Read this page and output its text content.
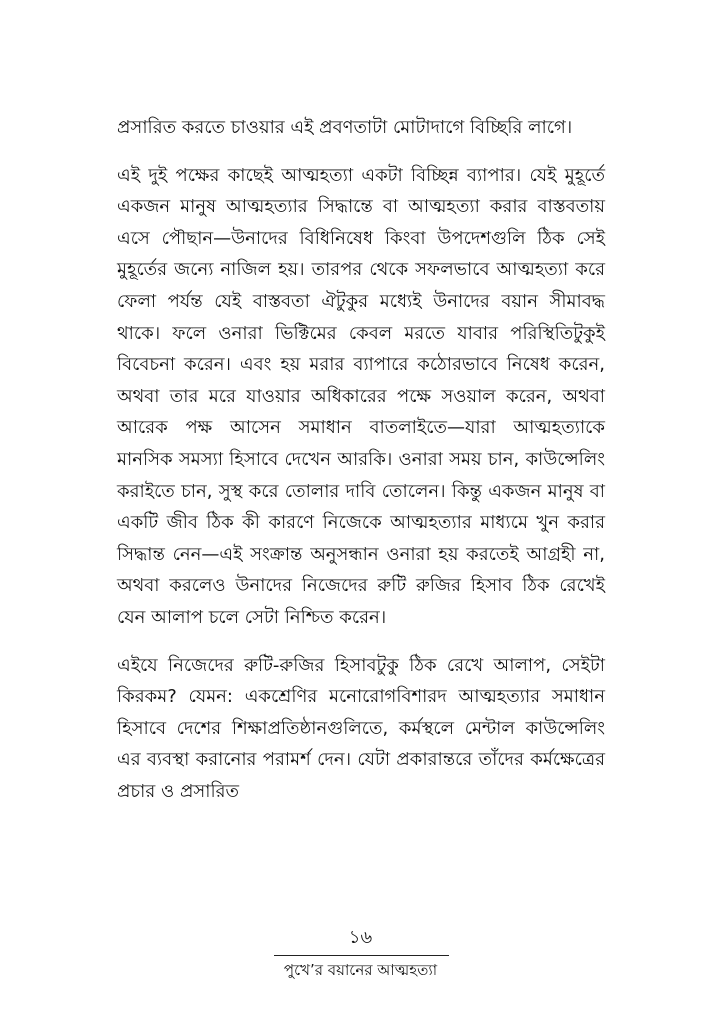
প্রসারিত করতে চাওয়ার এই প্রবণতাটা মোটাদাগে বিচ্ছিরি লাগে।

এই দুই পক্ষের কাছেই আত্মহত্যা একটা বিচ্ছিন্ন ব্যাপার। যেই মুহূর্তে একজন মানুষ আত্মহত্যার সিদ্ধান্তে বা আত্মহত্যা করার বাস্তবতায় এসে পৌছান—উনাদের বিধিনিষেধ কিংবা উপদেশগুলি ঠিক সেই মুহূর্তের জন্যে নাজিল হয়। তারপর থেকে সফলভাবে আত্মহত্যা করে ফেলা পর্যন্ত যেই বাস্তবতা ঐটুকুর মধ্যেই উনাদের বয়ান সীমাবদ্ধ থাকে। ফলে ওনারা ভিক্টিমের কেবল মরতে যাবার পরিস্থিতিটুকুই বিবেচনা করেন। এবং হয় মরার ব্যাপারে কঠোরভাবে নিষেধ করেন, অথবা তার মরে যাওয়ার অধিকারের পক্ষে সওয়াল করেন, অথবা আরেক পক্ষ আসেন সমাধান বাতলাইতে—যারা আত্মহত্যাকে মানসিক সমস্যা হিসাবে দেখেন আরকি। ওনারা সময় চান, কাউন্সেলিং করাইতে চান, সুস্থ করে তোলার দাবি তোলেন। কিন্তু একজন মানুষ বা একটি জীব ঠিক কী কারণে নিজেকে আত্মহত্যার মাধ্যমে খুন করার সিদ্ধান্ত নেন—এই সংক্রান্ত অনুসন্ধান ওনারা হয় করতেই আগ্রহী না, অথবা করলেও উনাদের নিজেদের রুটি রুজির হিসাব ঠিক রেখেই যেন আলাপ চলে সেটা নিশ্চিত করেন।

এইযে নিজেদের রুটি-রুজির হিসাবটুকু ঠিক রেখে আলাপ, সেইটা কিরকম? যেমন: একশ্রেণির মনোরোগবিশারদ আত্মহত্যার সমাধান হিসাবে দেশের শিক্ষাপ্রতিষ্ঠানগুলিতে, কর্মস্থলে মেন্টাল কাউন্সেলিং এর ব্যবস্থা করানোর পরামর্শ দেন। যেটা প্রকারান্তরে তাঁদের কর্মক্ষেত্রের প্রচার ও প্রসারিত

১৬
পুখে’র বয়ানের আত্মহত্যা
